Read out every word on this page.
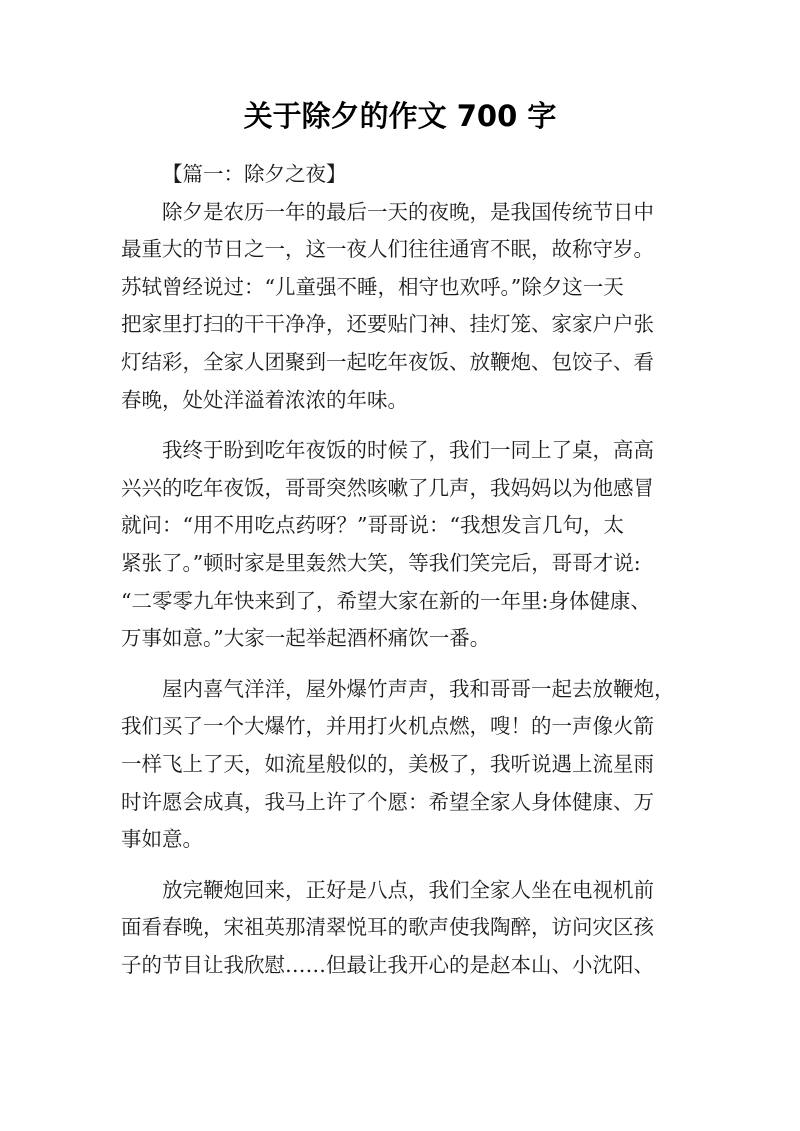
关于除夕的作文 700 字
【篇一：除夕之夜】
除夕是农历一年的最后一天的夜晚，是我国传统节日中
最重大的节日之一，这一夜人们往往通宵不眠，故称守岁。
苏轼曾经说过：“儿童强不睡，相守也欢呼。”除夕这一天
把家里打扫的干干净净，还要贴门神、挂灯笼、家家户户张
灯结彩，全家人团聚到一起吃年夜饭、放鞭炮、包饺子、看
春晚，处处洋溢着浓浓的年味。
我终于盼到吃年夜饭的时候了，我们一同上了桌，高高
兴兴的吃年夜饭，哥哥突然咳嗽了几声，我妈妈以为他感冒
就问：“用不用吃点药呀？”哥哥说：“我想发言几句，太
紧张了。”顿时家是里轰然大笑，等我们笑完后，哥哥才说:
“二零零九年快来到了，希望大家在新的一年里:身体健康、
万事如意。”大家一起举起酒杯痛饮一番。
屋内喜气洋洋，屋外爆竹声声，我和哥哥一起去放鞭炮，
我们买了一个大爆竹，并用打火机点燃，嗖！的一声像火箭
一样飞上了天，如流星般似的，美极了，我听说遇上流星雨
时许愿会成真，我马上许了个愿：希望全家人身体健康、万
事如意。
放完鞭炮回来，正好是八点，我们全家人坐在电视机前
面看春晚，宋祖英那清翠悦耳的歌声使我陶醉，访问灾区孩
子的节目让我欣慰……但最让我开心的是赵本山、小沈阳、
